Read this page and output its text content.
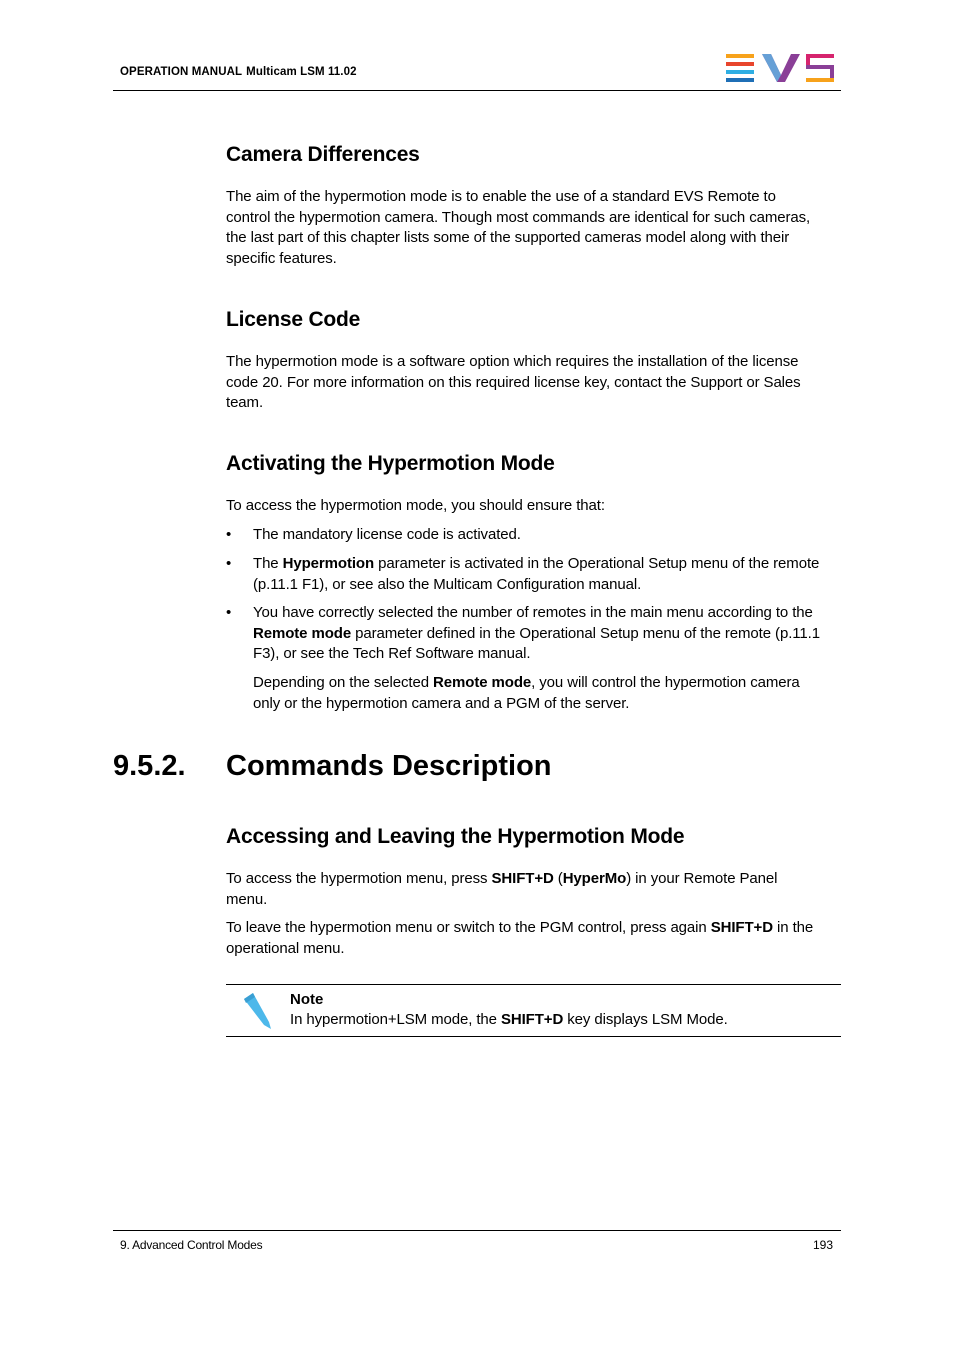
OPERATION MANUAL Multicam LSM 11.02
Camera Differences
The aim of the hypermotion mode is to enable the use of a standard EVS Remote to
control the hypermotion camera. Though most commands are identical for such cameras,
the last part of this chapter lists some of the supported cameras model along with their
specific features.
License Code
The hypermotion mode is a software option which requires the installation of the license
code 20. For more information on this required license key, contact the Support or Sales
team.
Activating the Hypermotion Mode
To access the hypermotion mode, you should ensure that:
• The mandatory license code is activated.
• The Hypermotion parameter is activated in the Operational Setup menu of the remote
(p.11.1 F1), or see also the Multicam Configuration manual.
• You have correctly selected the number of remotes in the main menu according to the
Remote mode parameter defined in the Operational Setup menu of the remote (p.11.1
F3), or see the Tech Ref Software manual.
Depending on the selected Remote mode, you will control the hypermotion camera
only or the hypermotion camera and a PGM of the server.
9.5.2. Commands Description
Accessing and Leaving the Hypermotion Mode
To access the hypermotion menu, press SHIFT+D (HyperMo) in your Remote Panel
menu.
To leave the hypermotion menu or switch to the PGM control, press again SHIFT+D in the
operational menu.
Note
In hypermotion+LSM mode, the SHIFT+D key displays LSM Mode.
9. Advanced Control Modes	193
